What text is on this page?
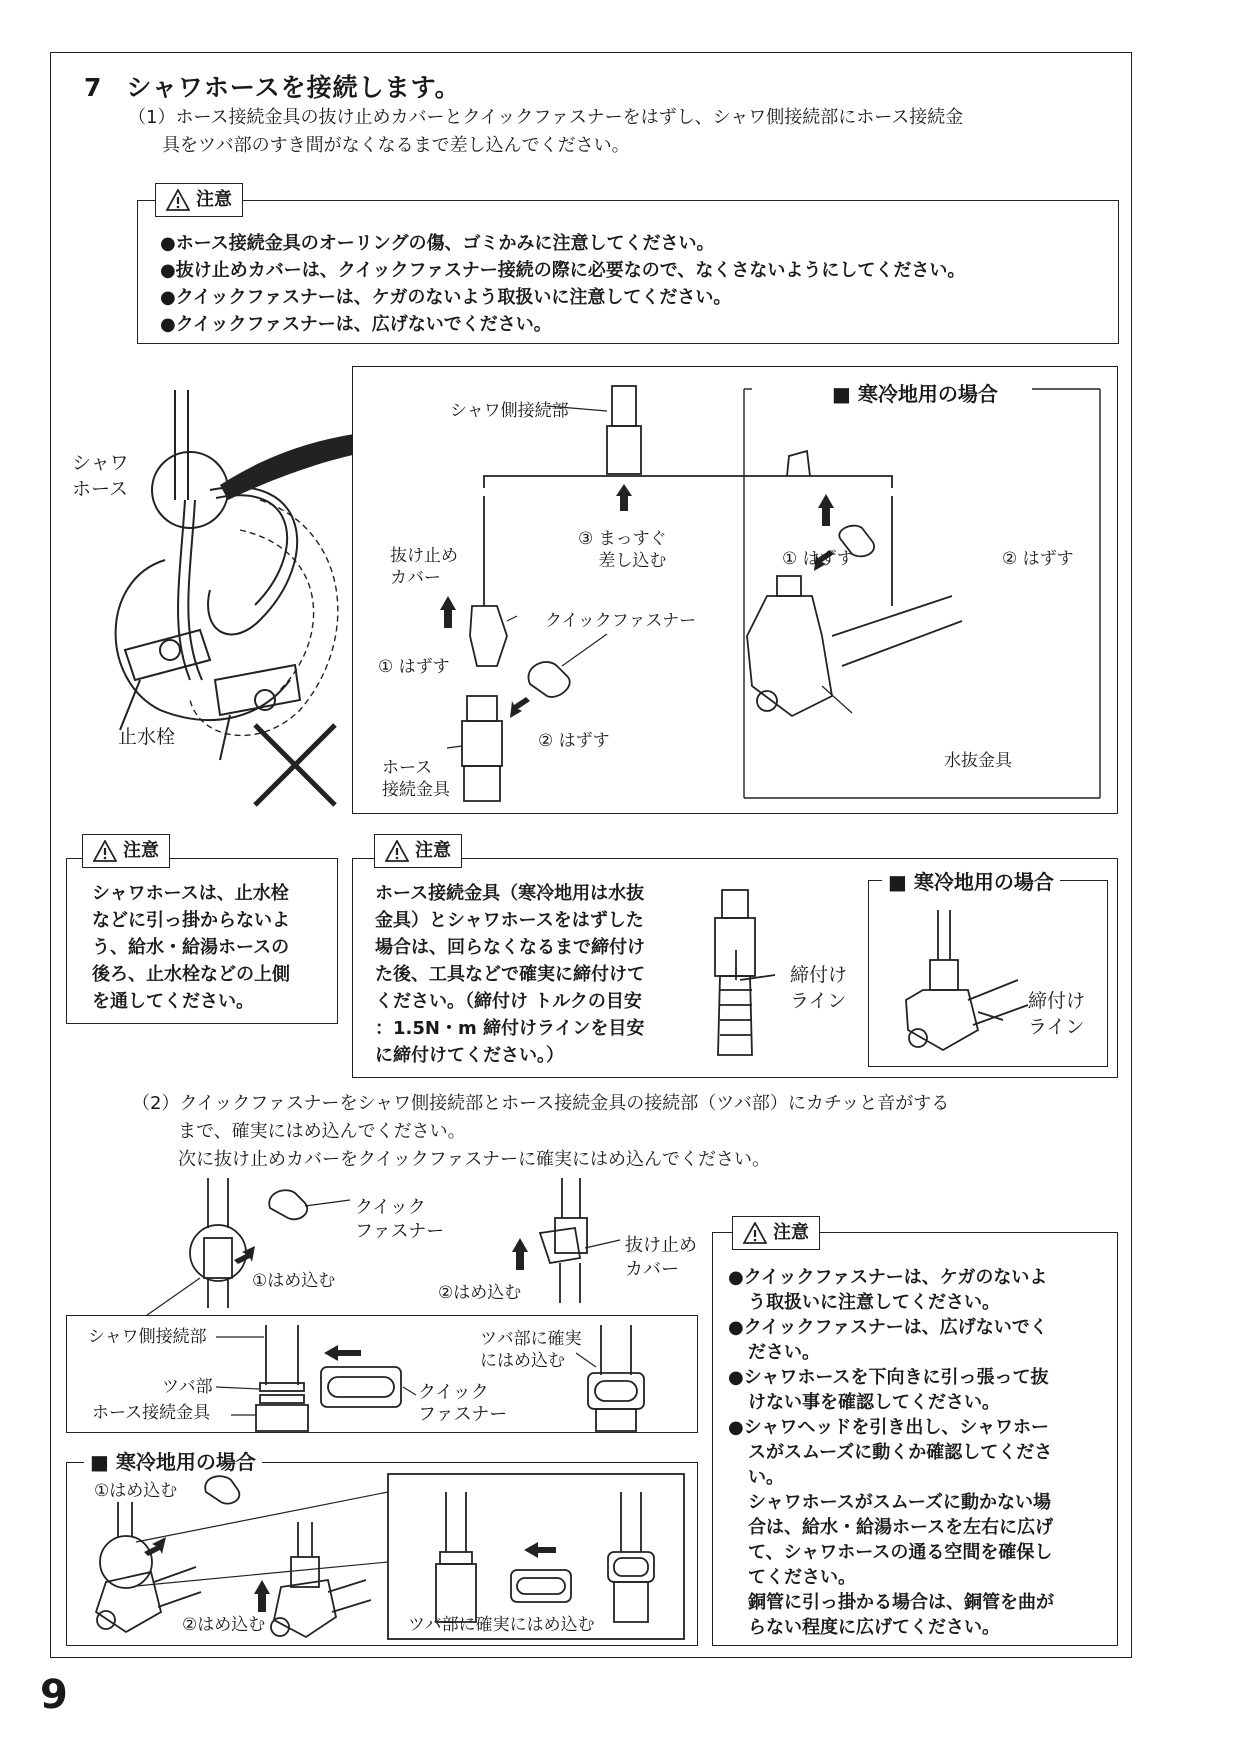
7 シャワホースを接続します。
（1）ホース接続金具の抜け止めカバーとクイックファスナーをはずし、シャワ側接続部にホース接続金
具をツバ部のすき間がなくなるまで差し込んでください。
注意
●ホース接続金具のオーリングの傷、ゴミかみに注意してください。
●抜け止めカバーは、クイックファスナー接続の際に必要なので、なくさないようにしてください。
●クイックファスナーは、ケガのないよう取扱いに注意してください。
●クイックファスナーは、広げないでください。
シャワ
ホース
止水栓
シャワ側接続部
③ まっすぐ
差し込む
抜け止め
カバー
① はずす
クイックファスナー
② はずす
ホース
接続金具
■ 寒冷地用の場合
① はずす	② はずす
水抜金具
注意
シャワホースは、止水栓
などに引っ掛からないよ
う、給水・給湯ホースの
後ろ、止水栓などの上側
を通してください。
注意
ホース接続金具（寒冷地用は水抜
金具）とシャワホースをはずした
場合は、回らなくなるまで締付け
た後、工具などで確実に締付けて
ください。（締付け トルクの目安
：1.5N・m 締付けラインを目安
に締付けてください。）
締付け
ライン
■ 寒冷地用の場合
締付け
ライン
（2）クイックファスナーをシャワ側接続部とホース接続金具の接続部（ツバ部）にカチッと音がする
まで、確実にはめ込んでください。
次に抜け止めカバーをクイックファスナーに確実にはめ込んでください。
クイック
ファスナー
①はめ込む
②はめ込む
抜け止め
カバー
シャワ側接続部
ツバ部
ホース接続金具
クイック
ファスナー
ツバ部に確実
にはめ込む
■ 寒冷地用の場合
①はめ込む
②はめ込む	ツバ部に確実にはめ込む
注意
●クイックファスナーは、ケガのないよ
う取扱いに注意してください。
●クイックファスナーは、広げないでく
ださい。
●シャワホースを下向きに引っ張って抜
けない事を確認してください。
●シャワヘッドを引き出し、シャワホー
スがスムーズに動くか確認してくださ
い。
シャワホースがスムーズに動かない場
合は、給水・給湯ホースを左右に広げ
て、シャワホースの通る空間を確保し
てください。
銅管に引っ掛かる場合は、銅管を曲が
らない程度に広げてください。
9
